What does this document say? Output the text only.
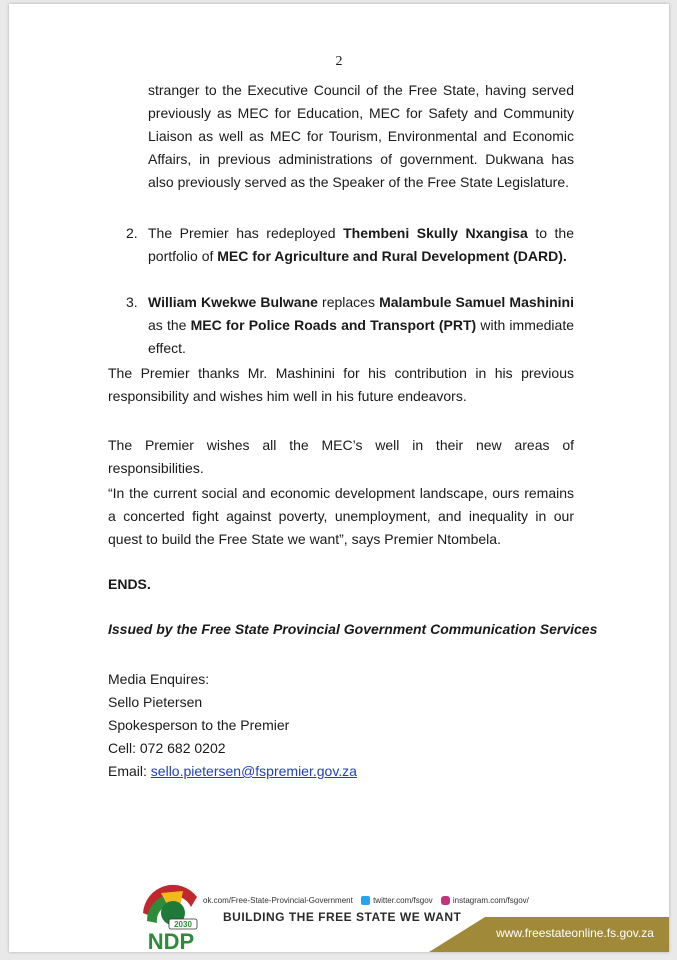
2

stranger to the Executive Council of the Free State, having served previously as MEC for Education, MEC for Safety and Community Liaison as well as MEC for Tourism, Environmental and Economic Affairs, in previous administrations of government. Dukwana has also previously served as the Speaker of the Free State Legislature.

2. The Premier has redeployed Thembeni Skully Nxangisa to the portfolio of MEC for Agriculture and Rural Development (DARD).

3. William Kwekwe Bulwane replaces Malambule Samuel Mashinini as the MEC for Police Roads and Transport (PRT) with immediate effect.

The Premier thanks Mr. Mashinini for his contribution in his previous responsibility and wishes him well in his future endeavors.

The Premier wishes all the MEC’s well in their new areas of responsibilities.

“In the current social and economic development landscape, ours remains a concerted fight against poverty, unemployment, and inequality in our quest to build the Free State we want”, says Premier Ntombela.

ENDS.
Issued by the Free State Provincial Government Communication Services
Media Enquires:
Sello Pietersen
Spokesperson to the Premier
Cell: 072 682 0202
Email: sello.pietersen@fspremier.gov.za
2030
NDP
ok.com/Free-State-Provincial-Government	twitter.com/fsgov	instagram.com/fsgov/
BUILDING THE FREE STATE WE WANT
www.freestateonline.fs.gov.za
